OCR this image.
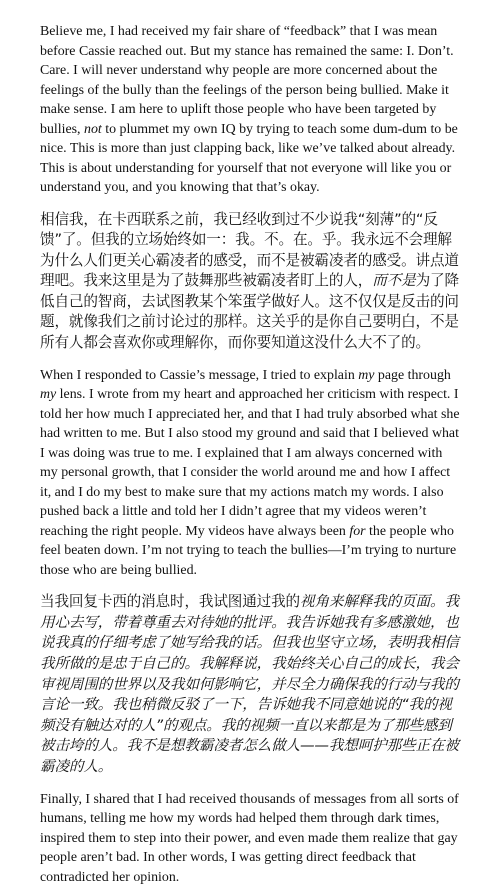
Believe me, I had received my fair share of “feedback” that I was mean before Cassie reached out. But my stance has remained the same: I. Don’t. Care. I will never understand why people are more concerned about the feelings of the bully than the feelings of the person being bullied. Make it make sense. I am here to uplift those people who have been targeted by bullies, not to plummet my own IQ by trying to teach some dum-dum to be nice. This is more than just clapping back, like we’ve talked about already. This is about understanding for yourself that not everyone will like you or understand you, and you knowing that that’s okay.

相信我，在卡西联系之前，我已经收到过不少说我“刻薄”的“反馈”了。但我的立场始终如一：我。不。在。乎。我永远不会理解为什么人们更关心霸凌者的感受，而不是被霸凌者的感受。讲点道理吧。我来这里是为了鼓舞那些被霸凌者盯上的人，而不是为了降低自己的智商，去试图教某个笨蛋学做好人。这不仅仅是反击的问题，就像我们之前讨论过的那样。这关乎的是你自己要明白，不是所有人都会喜欢你或理解你，而你要知道这没什么大不了的。

When I responded to Cassie’s message, I tried to explain my page through my lens. I wrote from my heart and approached her criticism with respect. I told her how much I appreciated her, and that I had truly absorbed what she had written to me. But I also stood my ground and said that I believed what I was doing was true to me. I explained that I am always concerned with my personal growth, that I consider the world around me and how I affect it, and I do my best to make sure that my actions match my words. I also pushed back a little and told her I didn’t agree that my videos weren’t reaching the right people. My videos have always been for the people who feel beaten down. I’m not trying to teach the bullies—I’m trying to nurture those who are being bullied.

当我回复卡西的消息时，我试图通过我的视角来解释我的页面。我用心去写，带着尊重去对待她的批评。我告诉她我有多感激她，也说我真的仔细考虑了她写给我的话。但我也坚守立场，表明我相信我所做的是忠于自己的。我解释说，我始终关心自己的成长，我会审视周围的世界以及我如何影响它，并尽全力确保我的行动与我的言论一致。我也稍微反驳了一下，告诉她我不同意她说的“我的视频没有触达对的人”的观点。我的视频一直以来都是为了那些感到被击垮的人。我不是想教霸凌者怎么做人——我想呵护那些正在被霸凌的人。

Finally, I shared that I had received thousands of messages from all sorts of humans, telling me how my words had helped them through dark times, inspired them to step into their power, and even made them realize that gay people aren’t bad. In other words, I was getting direct feedback that contradicted her opinion.
